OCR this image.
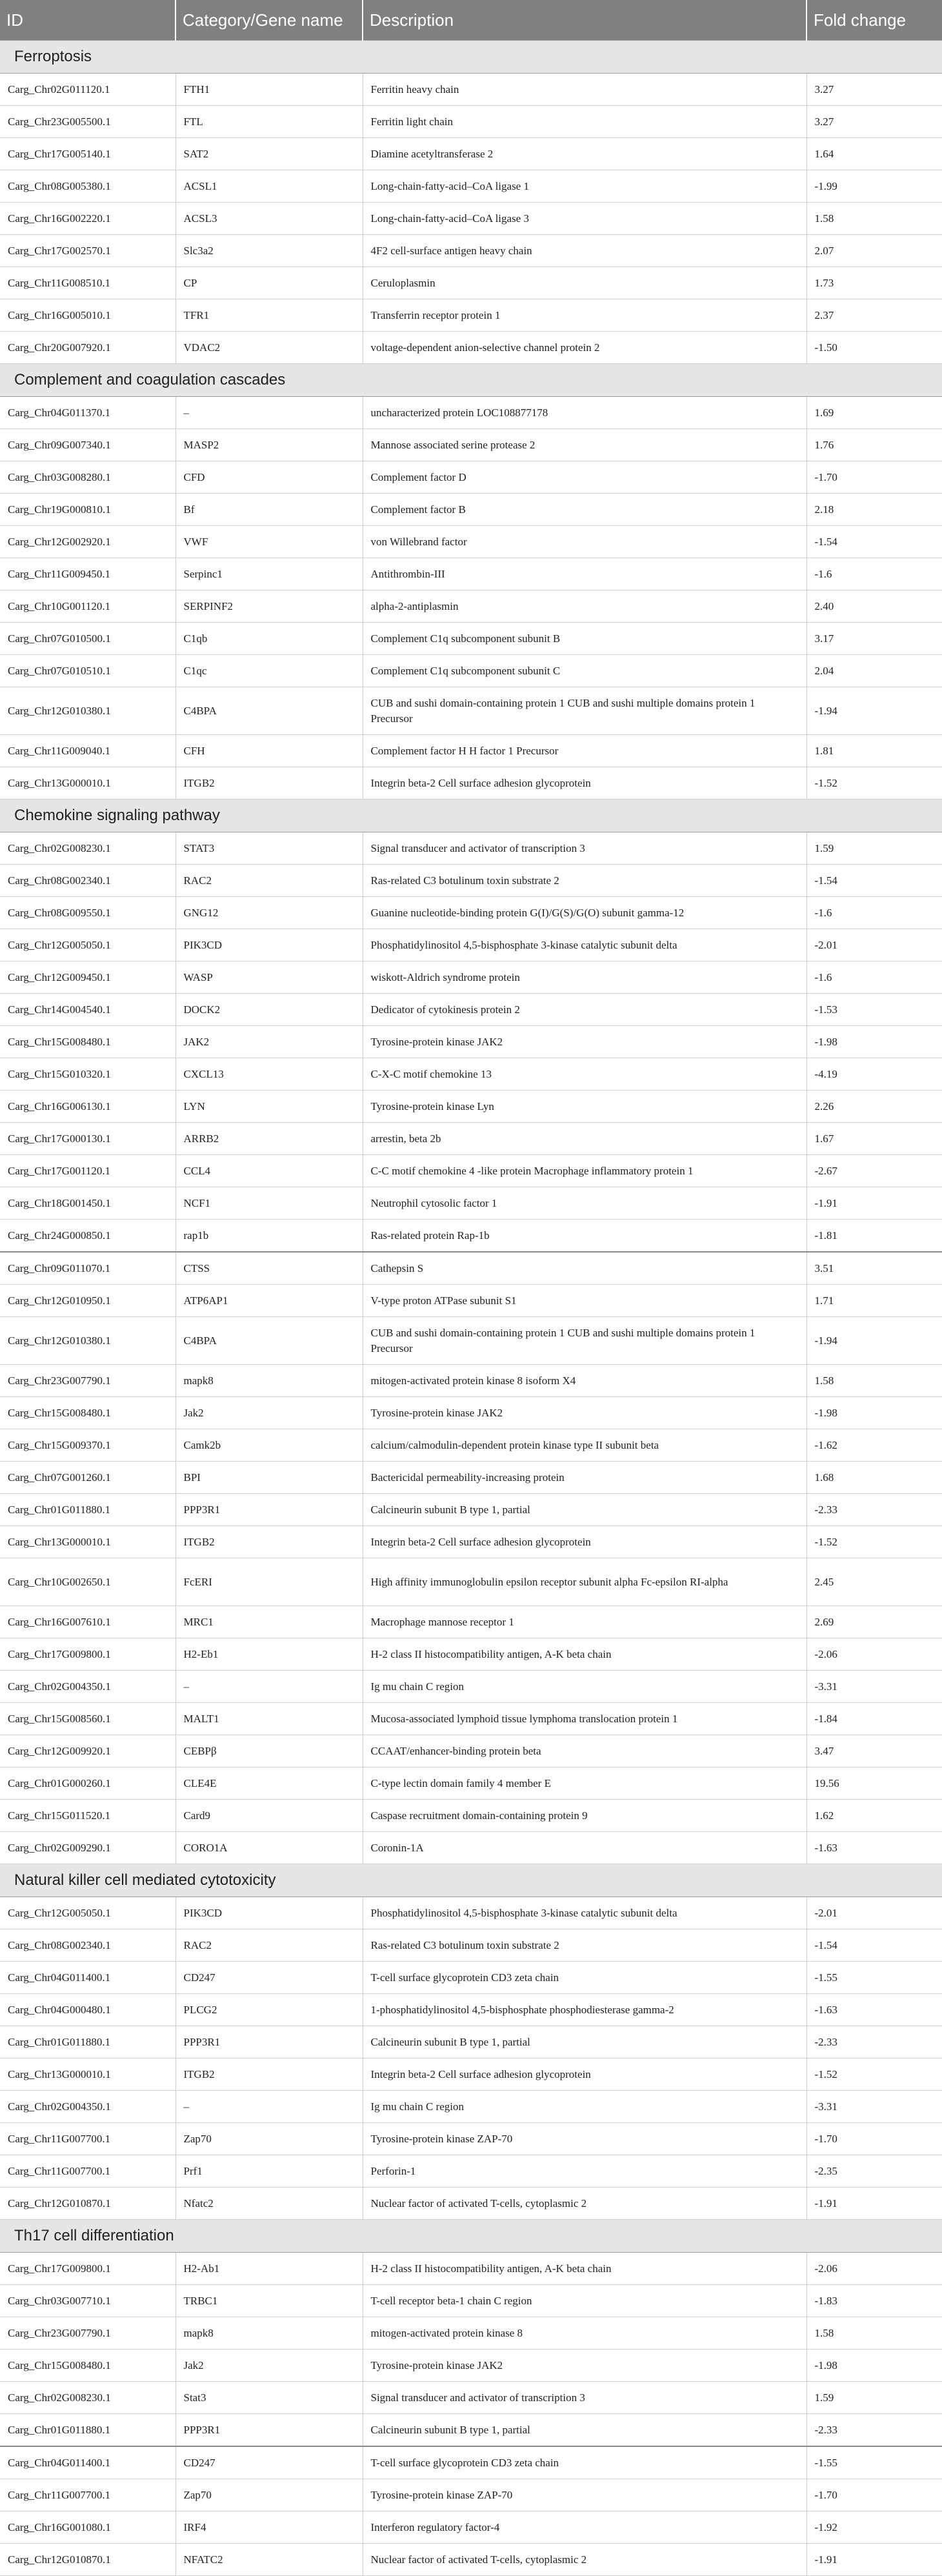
ID	Category/Gene name	Description	Fold change
Ferroptosis			
Carg_Chr02G011120.1	FTH1	Ferritin heavy chain	3.27
Carg_Chr23G005500.1	FTL	Ferritin light chain	3.27
Carg_Chr17G005140.1	SAT2	Diamine acetyltransferase 2	1.64
Carg_Chr08G005380.1	ACSL1	Long-chain-fatty-acid–CoA ligase 1	-1.99
Carg_Chr16G002220.1	ACSL3	Long-chain-fatty-acid–CoA ligase 3	1.58
Carg_Chr17G002570.1	Slc3a2	4F2 cell-surface antigen heavy chain	2.07
Carg_Chr11G008510.1	CP	Ceruloplasmin	1.73
Carg_Chr16G005010.1	TFR1	Transferrin receptor protein 1	2.37
Carg_Chr20G007920.1	VDAC2	voltage-dependent anion-selective channel protein 2	-1.50
Complement and coagulation cascades			
Carg_Chr04G011370.1	–	uncharacterized protein LOC108877178	1.69
Carg_Chr09G007340.1	MASP2	Mannose associated serine protease 2	1.76
Carg_Chr03G008280.1	CFD	Complement factor D	-1.70
Carg_Chr19G000810.1	Bf	Complement factor B	2.18
Carg_Chr12G002920.1	VWF	von Willebrand factor	-1.54
Carg_Chr11G009450.1	Serpinc1	Antithrombin-III	-1.6
Carg_Chr10G001120.1	SERPINF2	alpha-2-antiplasmin	2.40
Carg_Chr07G010500.1	C1qb	Complement C1q subcomponent subunit B	3.17
Carg_Chr07G010510.1	C1qc	Complement C1q subcomponent subunit C	2.04
Carg_Chr12G010380.1	C4BPA	CUB and sushi domain-containing protein 1 CUB and sushi multiple domains protein 1 Precursor	-1.94
Carg_Chr11G009040.1	CFH	Complement factor H H factor 1 Precursor	1.81
Carg_Chr13G000010.1	ITGB2	Integrin beta-2 Cell surface adhesion glycoprotein	-1.52
Chemokine signaling pathway			
Carg_Chr02G008230.1	STAT3	Signal transducer and activator of transcription 3	1.59
Carg_Chr08G002340.1	RAC2	Ras-related C3 botulinum toxin substrate 2	-1.54
Carg_Chr08G009550.1	GNG12	Guanine nucleotide-binding protein G(I)/G(S)/G(O) subunit gamma-12	-1.6
Carg_Chr12G005050.1	PIK3CD	Phosphatidylinositol 4,5-bisphosphate 3-kinase catalytic subunit delta	-2.01
Carg_Chr12G009450.1	WASP	wiskott-Aldrich syndrome protein	-1.6
Carg_Chr14G004540.1	DOCK2	Dedicator of cytokinesis protein 2	-1.53
Carg_Chr15G008480.1	JAK2	Tyrosine-protein kinase JAK2	-1.98
Carg_Chr15G010320.1	CXCL13	C-X-C motif chemokine 13	-4.19
Carg_Chr16G006130.1	LYN	Tyrosine-protein kinase Lyn	2.26
Carg_Chr17G000130.1	ARRB2	arrestin, beta 2b	1.67
Carg_Chr17G001120.1	CCL4	C-C motif chemokine 4 -like protein Macrophage inflammatory protein 1	-2.67
Carg_Chr18G001450.1	NCF1	Neutrophil cytosolic factor 1	-1.91
Carg_Chr24G000850.1	rap1b	Ras-related protein Rap-1b	-1.81
Carg_Chr09G011070.1	CTSS	Cathepsin S	3.51
Carg_Chr12G010950.1	ATP6AP1	V-type proton ATPase subunit S1	1.71
Carg_Chr12G010380.1	C4BPA	CUB and sushi domain-containing protein 1 CUB and sushi multiple domains protein 1 Precursor	-1.94
Carg_Chr23G007790.1	mapk8	mitogen-activated protein kinase 8 isoform X4	1.58
Carg_Chr15G008480.1	Jak2	Tyrosine-protein kinase JAK2	-1.98
Carg_Chr15G009370.1	Camk2b	calcium/calmodulin-dependent protein kinase type II subunit beta	-1.62
Carg_Chr07G001260.1	BPI	Bactericidal permeability-increasing protein	1.68
Carg_Chr01G011880.1	PPP3R1	Calcineurin subunit B type 1, partial	-2.33
Carg_Chr13G000010.1	ITGB2	Integrin beta-2 Cell surface adhesion glycoprotein	-1.52
Carg_Chr10G002650.1	FcERI	High affinity immunoglobulin epsilon receptor subunit alpha Fc-epsilon RI-alpha	2.45
Carg_Chr16G007610.1	MRC1	Macrophage mannose receptor 1	2.69
Carg_Chr17G009800.1	H2-Eb1	H-2 class II histocompatibility antigen, A-K beta chain	-2.06
Carg_Chr02G004350.1	–	Ig mu chain C region	-3.31
Carg_Chr15G008560.1	MALT1	Mucosa-associated lymphoid tissue lymphoma translocation protein 1	-1.84
Carg_Chr12G009920.1	CEBPβ	CCAAT/enhancer-binding protein beta	3.47
Carg_Chr01G000260.1	CLE4E	C-type lectin domain family 4 member E	19.56
Carg_Chr15G011520.1	Card9	Caspase recruitment domain-containing protein 9	1.62
Carg_Chr02G009290.1	CORO1A	Coronin-1A	-1.63
Natural killer cell mediated cytotoxicity			
Carg_Chr12G005050.1	PIK3CD	Phosphatidylinositol 4,5-bisphosphate 3-kinase catalytic subunit delta	-2.01
Carg_Chr08G002340.1	RAC2	Ras-related C3 botulinum toxin substrate 2	-1.54
Carg_Chr04G011400.1	CD247	T-cell surface glycoprotein CD3 zeta chain	-1.55
Carg_Chr04G000480.1	PLCG2	1-phosphatidylinositol 4,5-bisphosphate phosphodiesterase gamma-2	-1.63
Carg_Chr01G011880.1	PPP3R1	Calcineurin subunit B type 1, partial	-2.33
Carg_Chr13G000010.1	ITGB2	Integrin beta-2 Cell surface adhesion glycoprotein	-1.52
Carg_Chr02G004350.1	–	Ig mu chain C region	-3.31
Carg_Chr11G007700.1	Zap70	Tyrosine-protein kinase ZAP-70	-1.70
Carg_Chr11G007700.1	Prf1	Perforin-1	-2.35
Carg_Chr12G010870.1	Nfatc2	Nuclear factor of activated T-cells, cytoplasmic 2	-1.91
Th17 cell differentiation			
Carg_Chr17G009800.1	H2-Ab1	H-2 class II histocompatibility antigen, A-K beta chain	-2.06
Carg_Chr03G007710.1	TRBC1	T-cell receptor beta-1 chain C region	-1.83
Carg_Chr23G007790.1	mapk8	mitogen-activated protein kinase 8	1.58
Carg_Chr15G008480.1	Jak2	Tyrosine-protein kinase JAK2	-1.98
Carg_Chr02G008230.1	Stat3	Signal transducer and activator of transcription 3	1.59
Carg_Chr01G011880.1	PPP3R1	Calcineurin subunit B type 1, partial	-2.33
Carg_Chr04G011400.1	CD247	T-cell surface glycoprotein CD3 zeta chain	-1.55
Carg_Chr11G007700.1	Zap70	Tyrosine-protein kinase ZAP-70	-1.70
Carg_Chr16G001080.1	IRF4	Interferon regulatory factor-4	-1.92
Carg_Chr12G010870.1	NFATC2	Nuclear factor of activated T-cells, cytoplasmic 2	-1.91
